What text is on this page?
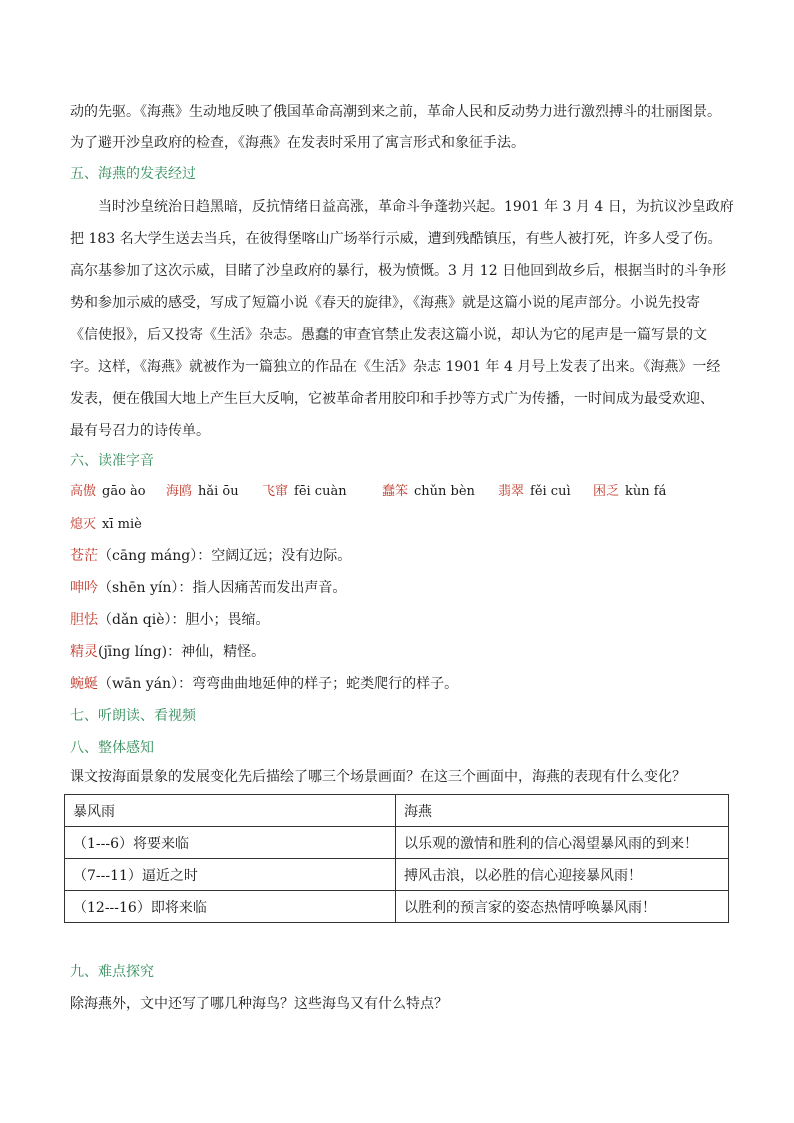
动的先驱。《海燕》生动地反映了俄国革命高潮到来之前，革命人民和反动势力进行激烈搏斗的壮丽图景。
为了避开沙皇政府的检查，《海燕》在发表时采用了寓言形式和象征手法。
五、海燕的发表经过
当时沙皇统治日趋黑暗，反抗情绪日益高涨，革命斗争蓬勃兴起。1901 年 3 月 4 日，为抗议沙皇政府
把 183 名大学生送去当兵，在彼得堡喀山广场举行示威，遭到残酷镇压，有些人被打死，许多人受了伤。
高尔基参加了这次示威，目睹了沙皇政府的暴行，极为愤慨。3 月 12 日他回到故乡后，根据当时的斗争形
势和参加示威的感受，写成了短篇小说《春天的旋律》，《海燕》就是这篇小说的尾声部分。小说先投寄
《信使报》，后又投寄《生活》杂志。愚蠢的审查官禁止发表这篇小说，却认为它的尾声是一篇写景的文
字。这样，《海燕》就被作为一篇独立的作品在《生活》杂志 1901 年 4 月号上发表了出来。《海燕》一经
发表，便在俄国大地上产生巨大反响，它被革命者用胶印和手抄等方式广为传播，一时间成为最受欢迎、
最有号召力的诗传单。
六、读准字音
高傲 gāo ào 海鸥 hǎi ōu 飞窜 fēi cuàn	蠢笨 chǔn bèn 翡翠 fěi cuì 困乏 kùn fá
熄灭 xī miè
苍茫（cāng máng）：空阔辽远；没有边际。
呻吟（shēn yín）：指人因痛苦而发出声音。
胆怯（dǎn qiè）：胆小；畏缩。
精灵(jīng líng)：神仙，精怪。
蜿蜒（wān yán）：弯弯曲曲地延伸的样子；蛇类爬行的样子。
七、听朗读、看视频
八、整体感知
课文按海面景象的发展变化先后描绘了哪三个场景画面？在这三个画面中，海燕的表现有什么变化？
暴风雨	海燕
（1---6）将要来临	以乐观的激情和胜利的信心渴望暴风雨的到来！
（7---11）逼近之时	搏风击浪，以必胜的信心迎接暴风雨！
（12---16）即将来临	以胜利的预言家的姿态热情呼唤暴风雨！
九、难点探究
除海燕外，文中还写了哪几种海鸟？这些海鸟又有什么特点？
